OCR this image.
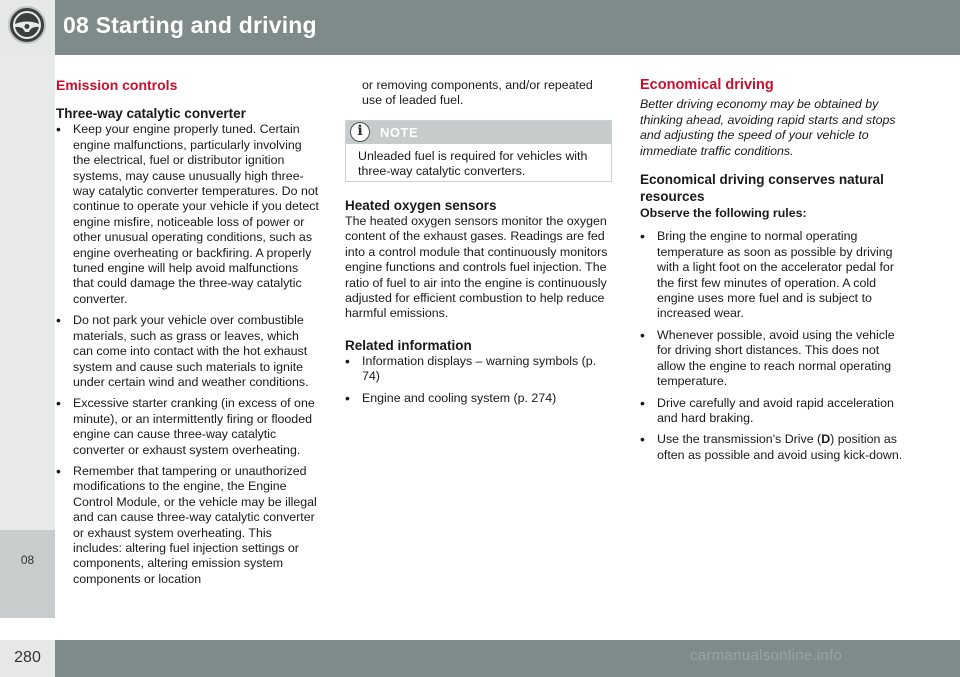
08 Starting and driving
08
Emission controls
Three-way catalytic converter
• Keep your engine properly tuned. Certain engine malfunctions, particularly involving the electrical, fuel or distributor ignition systems, may cause unusually high three-way catalytic converter temperatures. Do not continue to operate your vehicle if you detect engine misfire, noticeable loss of power or other unusual operating conditions, such as engine overheating or backfiring. A properly tuned engine will help avoid malfunctions that could damage the three-way catalytic converter.
• Do not park your vehicle over combustible materials, such as grass or leaves, which can come into contact with the hot exhaust system and cause such materials to ignite under certain wind and weather conditions.
• Excessive starter cranking (in excess of one minute), or an intermittently firing or flooded engine can cause three-way catalytic converter or exhaust system overheating.
• Remember that tampering or unauthorized modifications to the engine, the Engine Control Module, or the vehicle may be illegal and can cause three-way catalytic converter or exhaust system overheating. This includes: altering fuel injection settings or components, altering emission system components or location

or removing components, and/or repeated use of leaded fuel.

i	NOTE
Unleaded fuel is required for vehicles with three-way catalytic converters.
Heated oxygen sensors

The heated oxygen sensors monitor the oxygen content of the exhaust gases. Readings are fed into a control module that continuously monitors engine functions and controls fuel injection. The ratio of fuel to air into the engine is continuously adjusted for efficient combustion to help reduce harmful emissions.

Related information
• Information displays – warning symbols (p. 74)
• Engine and cooling system (p. 274)
Economical driving

Better driving economy may be obtained by thinking ahead, avoiding rapid starts and stops and adjusting the speed of your vehicle to immediate traffic conditions.

Economical driving conserves natural resources

Observe the following rules:

• Bring the engine to normal operating temperature as soon as possible by driving with a light foot on the accelerator pedal for the first few minutes of operation. A cold engine uses more fuel and is subject to increased wear.
• Whenever possible, avoid using the vehicle for driving short distances. This does not allow the engine to reach normal operating temperature.
• Drive carefully and avoid rapid acceleration and hard braking.
• Use the transmission's Drive (D) position as often as possible and avoid using kick-down.
280	carmanualsonline.info
